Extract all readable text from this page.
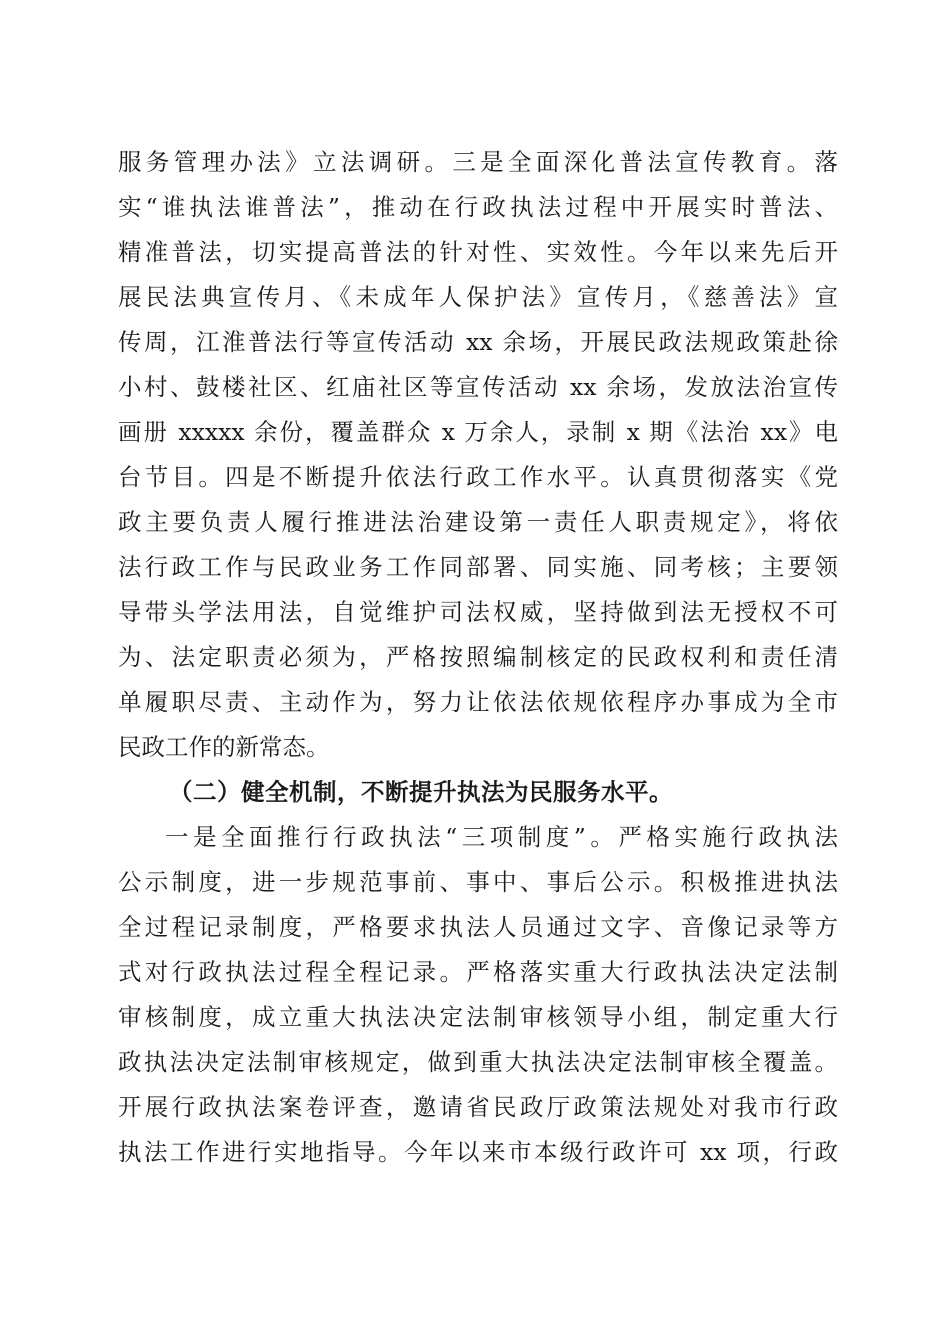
服务管理办法》立法调研。三是全面深化普法宣传教育。落
实“谁执法谁普法”，推动在行政执法过程中开展实时普法、
精准普法，切实提高普法的针对性、实效性。今年以来先后开
展民法典宣传月、《未成年人保护法》宣传月，《慈善法》宣
传周，江淮普法行等宣传活动 xx 余场，开展民政法规政策赴徐
小村、鼓楼社区、红庙社区等宣传活动 xx 余场，发放法治宣传
画册 xxxxx 余份，覆盖群众 x 万余人，录制 x 期《法治 xx》电
台节目。四是不断提升依法行政工作水平。认真贯彻落实《党
政主要负责人履行推进法治建设第一责任人职责规定》，将依
法行政工作与民政业务工作同部署、同实施、同考核；主要领
导带头学法用法，自觉维护司法权威，坚持做到法无授权不可
为、法定职责必须为，严格按照编制核定的民政权利和责任清
单履职尽责、主动作为，努力让依法依规依程序办事成为全市
民政工作的新常态。
（二）健全机制，不断提升执法为民服务水平。
一是全面推行行政执法“三项制度”。严格实施行政执法
公示制度，进一步规范事前、事中、事后公示。积极推进执法
全过程记录制度，严格要求执法人员通过文字、音像记录等方
式对行政执法过程全程记录。严格落实重大行政执法决定法制
审核制度，成立重大执法决定法制审核领导小组，制定重大行
政执法决定法制审核规定，做到重大执法决定法制审核全覆盖。
开展行政执法案卷评查，邀请省民政厅政策法规处对我市行政
执法工作进行实地指导。今年以来市本级行政许可 xx 项，行政
